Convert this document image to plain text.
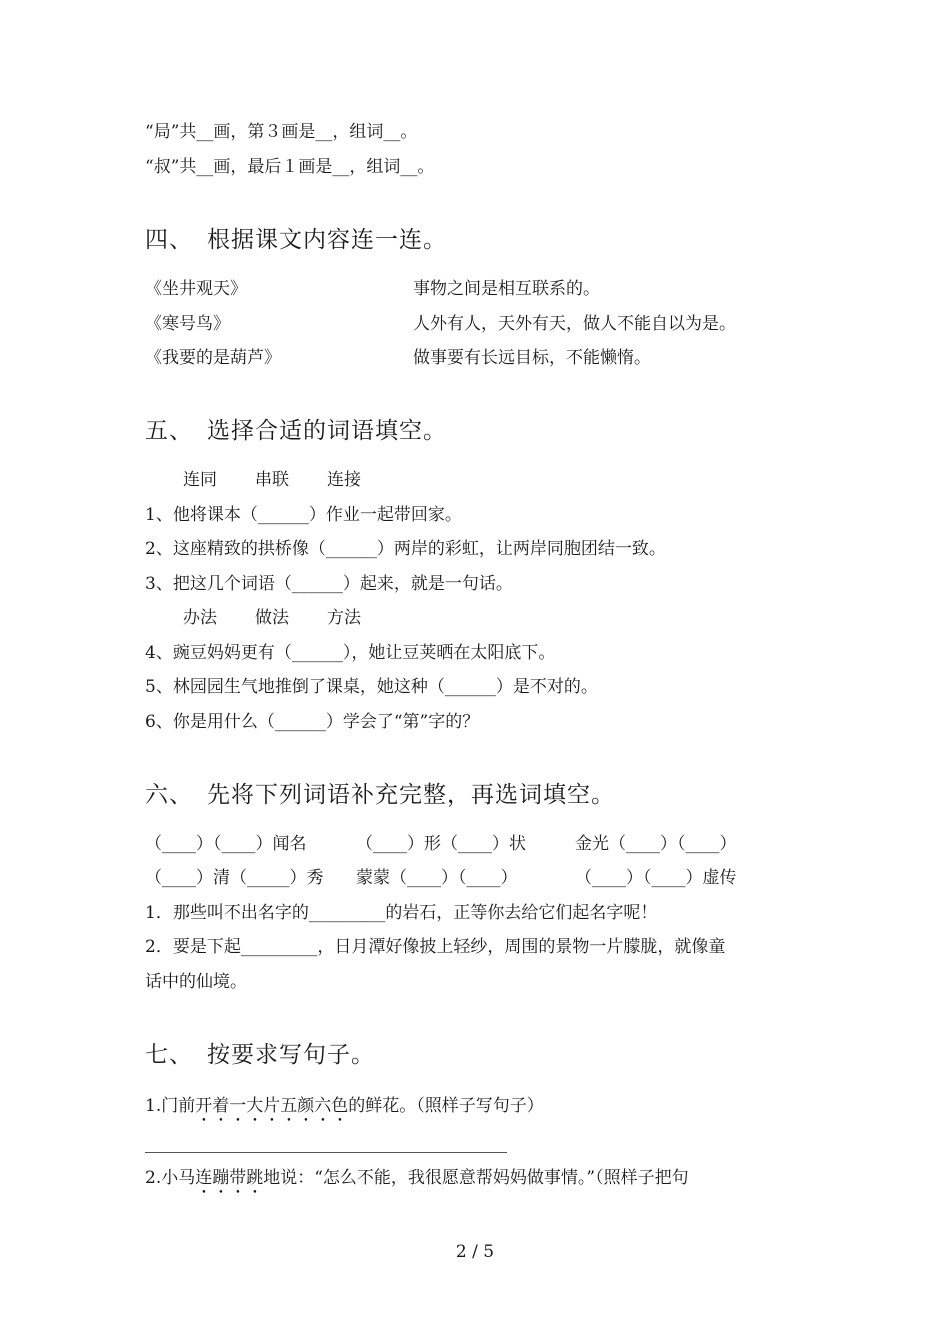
“局”共__画，第３画是__，组词__。
“叔”共__画，最后１画是__，组词__。
四、 根据课文内容连一连。
《坐井观天》	事物之间是相互联系的。
《寒号鸟》	人外有人，天外有天，做人不能自以为是。
《我要的是葫芦》	做事要有长远目标，不能懒惰。
五、 选择合适的词语填空。
连同 串联 连接
1、他将课本（______）作业一起带回家。
2、这座精致的拱桥像（______）两岸的彩虹，让两岸同胞团结一致。
3、把这几个词语（______）起来，就是一句话。
办法 做法 方法
4、豌豆妈妈更有（______），她让豆荚晒在太阳底下。
5、林园园生气地推倒了课桌，她这种（______）是不对的。
6、你是用什么（______）学会了“第”字的？
六、 先将下列词语补充完整，再选词填空。
（____）（____）闻名	（____）形（____）状	金光（____）（____）
（____）清（_____）秀 蒙蒙（____）（____）	（____）（____）虚传
1．那些叫不出名字的_________的岩石，正等你去给它们起名字呢！
2．要是下起_________，日月潭好像披上轻纱，周围的景物一片朦胧，就像童
话中的仙境。
七、 按要求写句子。
1.门前开着一大片五颜六色的鲜花。（照样子写句子）
2.小马连蹦带跳地说：“怎么不能，我很愿意帮妈妈做事情。”（照样子把句
2 / 5
